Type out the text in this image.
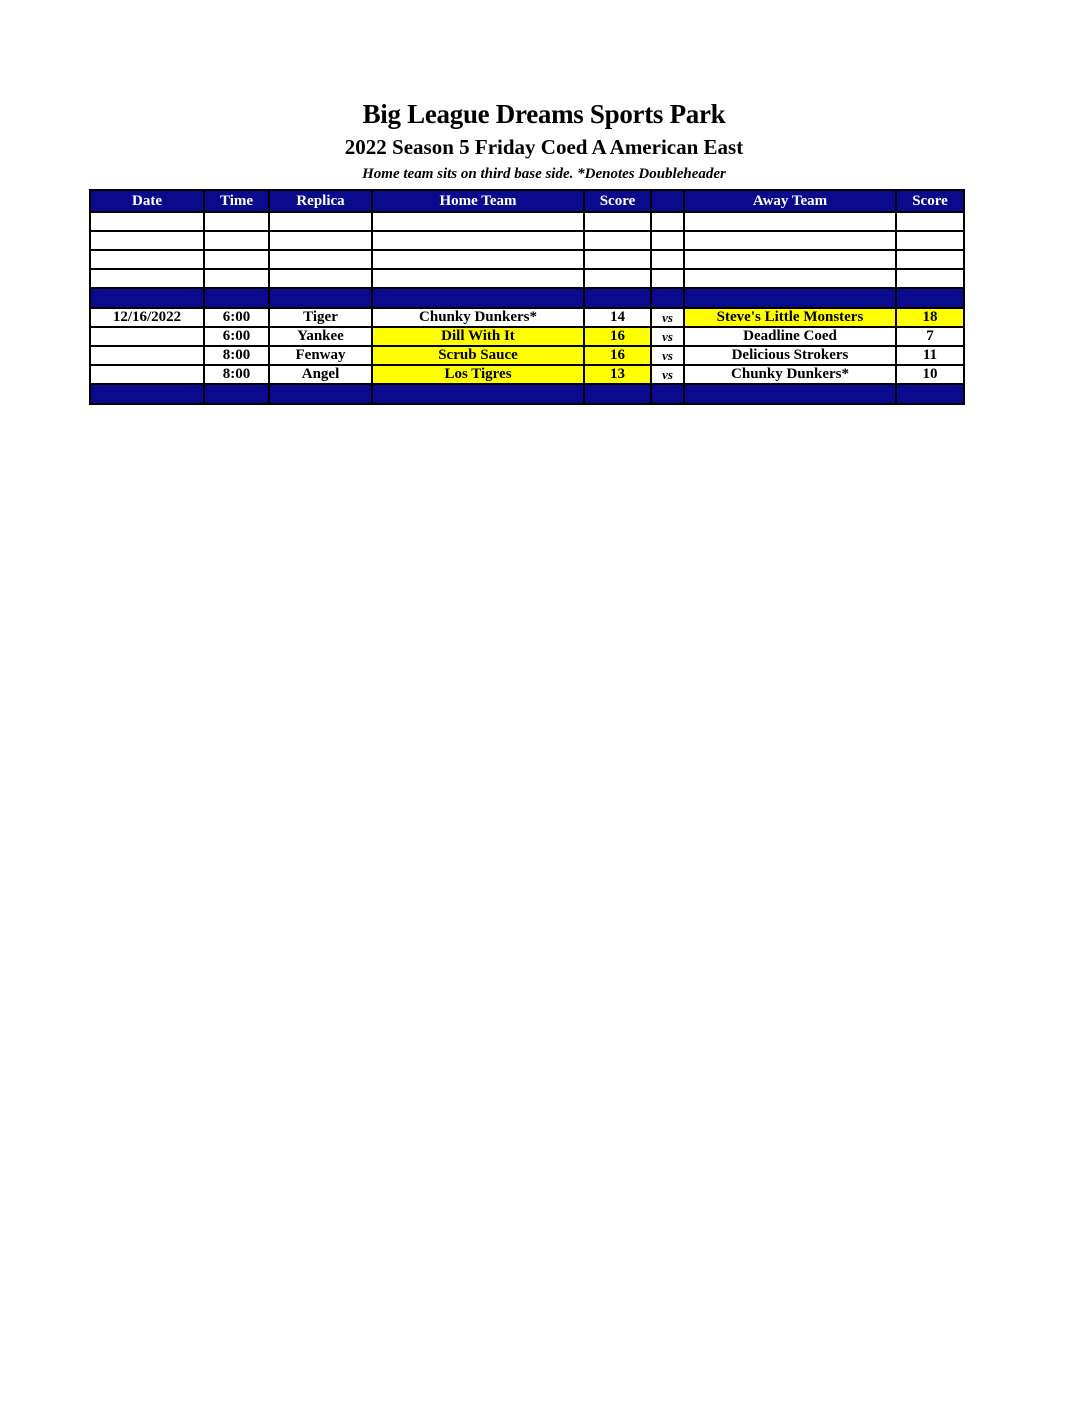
Big League Dreams Sports Park
2022 Season 5 Friday Coed A American East
Home team sits on third base side. *Denotes Doubleheader
Date	Time	Replica	Home Team	Score		Away Team	Score

12/16/2022	6:00	Tiger	Chunky Dunkers*	14	vs	Steve's Little Monsters	18
	6:00	Yankee	Dill With It	16	vs	Deadline Coed	7
	8:00	Fenway	Scrub Sauce	16	vs	Delicious Strokers	11
	8:00	Angel	Los Tigres	13	vs	Chunky Dunkers*	10
